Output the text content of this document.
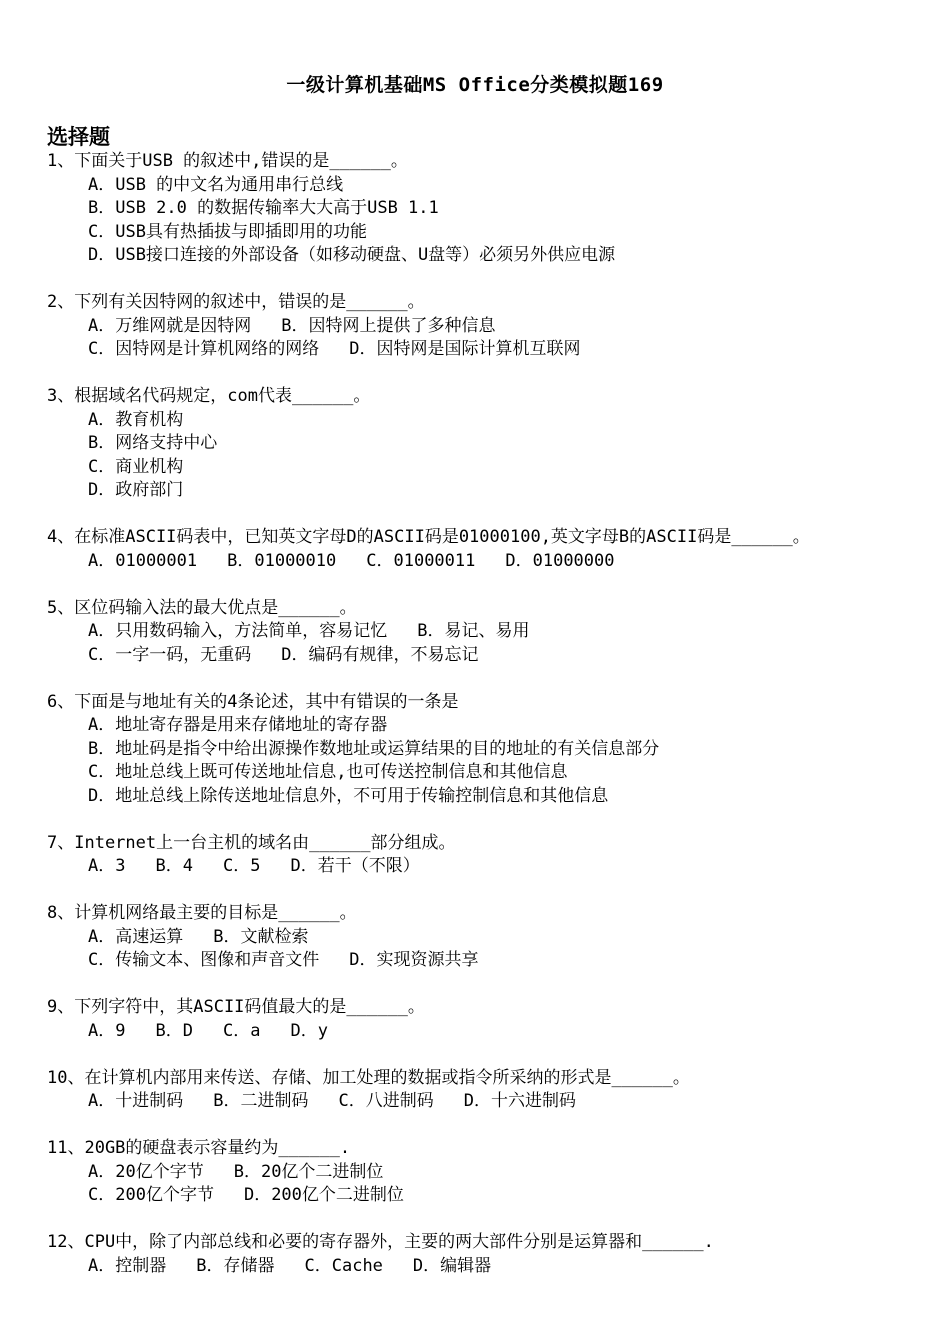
一级计算机基础MS Office分类模拟题169
选择题
1、下面关于USB 的叙述中,错误的是______。
A．USB 的中文名为通用串行总线
B．USB 2.0 的数据传输率大大高于USB 1.1
C．USB具有热插拔与即插即用的功能
D．USB接口连接的外部设备（如移动硬盘、U盘等）必须另外供应电源
2、下列有关因特网的叙述中，错误的是______。
A．万维网就是因特网 B．因特网上提供了多种信息
C．因特网是计算机网络的网络 D．因特网是国际计算机互联网
3、根据域名代码规定，com代表______。
A．教育机构
B．网络支持中心
C．商业机构
D．政府部门
4、在标准ASCII码表中，已知英文字母D的ASCII码是01000100,英文字母B的ASCII码是______。
A．01000001 B．01000010 C．01000011 D．01000000
5、区位码输入法的最大优点是______。
A．只用数码输入，方法简单，容易记忆 B．易记、易用
C．一字一码，无重码 D．编码有规律，不易忘记
6、下面是与地址有关的4条论述，其中有错误的一条是
A．地址寄存器是用来存储地址的寄存器
B．地址码是指令中给出源操作数地址或运算结果的目的地址的有关信息部分
C．地址总线上既可传送地址信息,也可传送控制信息和其他信息
D．地址总线上除传送地址信息外，不可用于传输控制信息和其他信息
7、Internet上一台主机的域名由______部分组成。
A．3 B．4 C．5 D．若干（不限）
8、计算机网络最主要的目标是______。
A．高速运算 B．文献检索
C．传输文本、图像和声音文件 D．实现资源共享
9、下列字符中，其ASCII码值最大的是______。
A．9 B．D C．a D．y
10、在计算机内部用来传送、存储、加工处理的数据或指令所采纳的形式是______。
A．十进制码 B．二进制码 C．八进制码 D．十六进制码
11、20GB的硬盘表示容量约为______.
A．20亿个字节 B．20亿个二进制位
C．200亿个字节 D．200亿个二进制位
12、CPU中，除了内部总线和必要的寄存器外，主要的两大部件分别是运算器和______.
A．控制器 B．存储器 C．Cache D．编辑器
